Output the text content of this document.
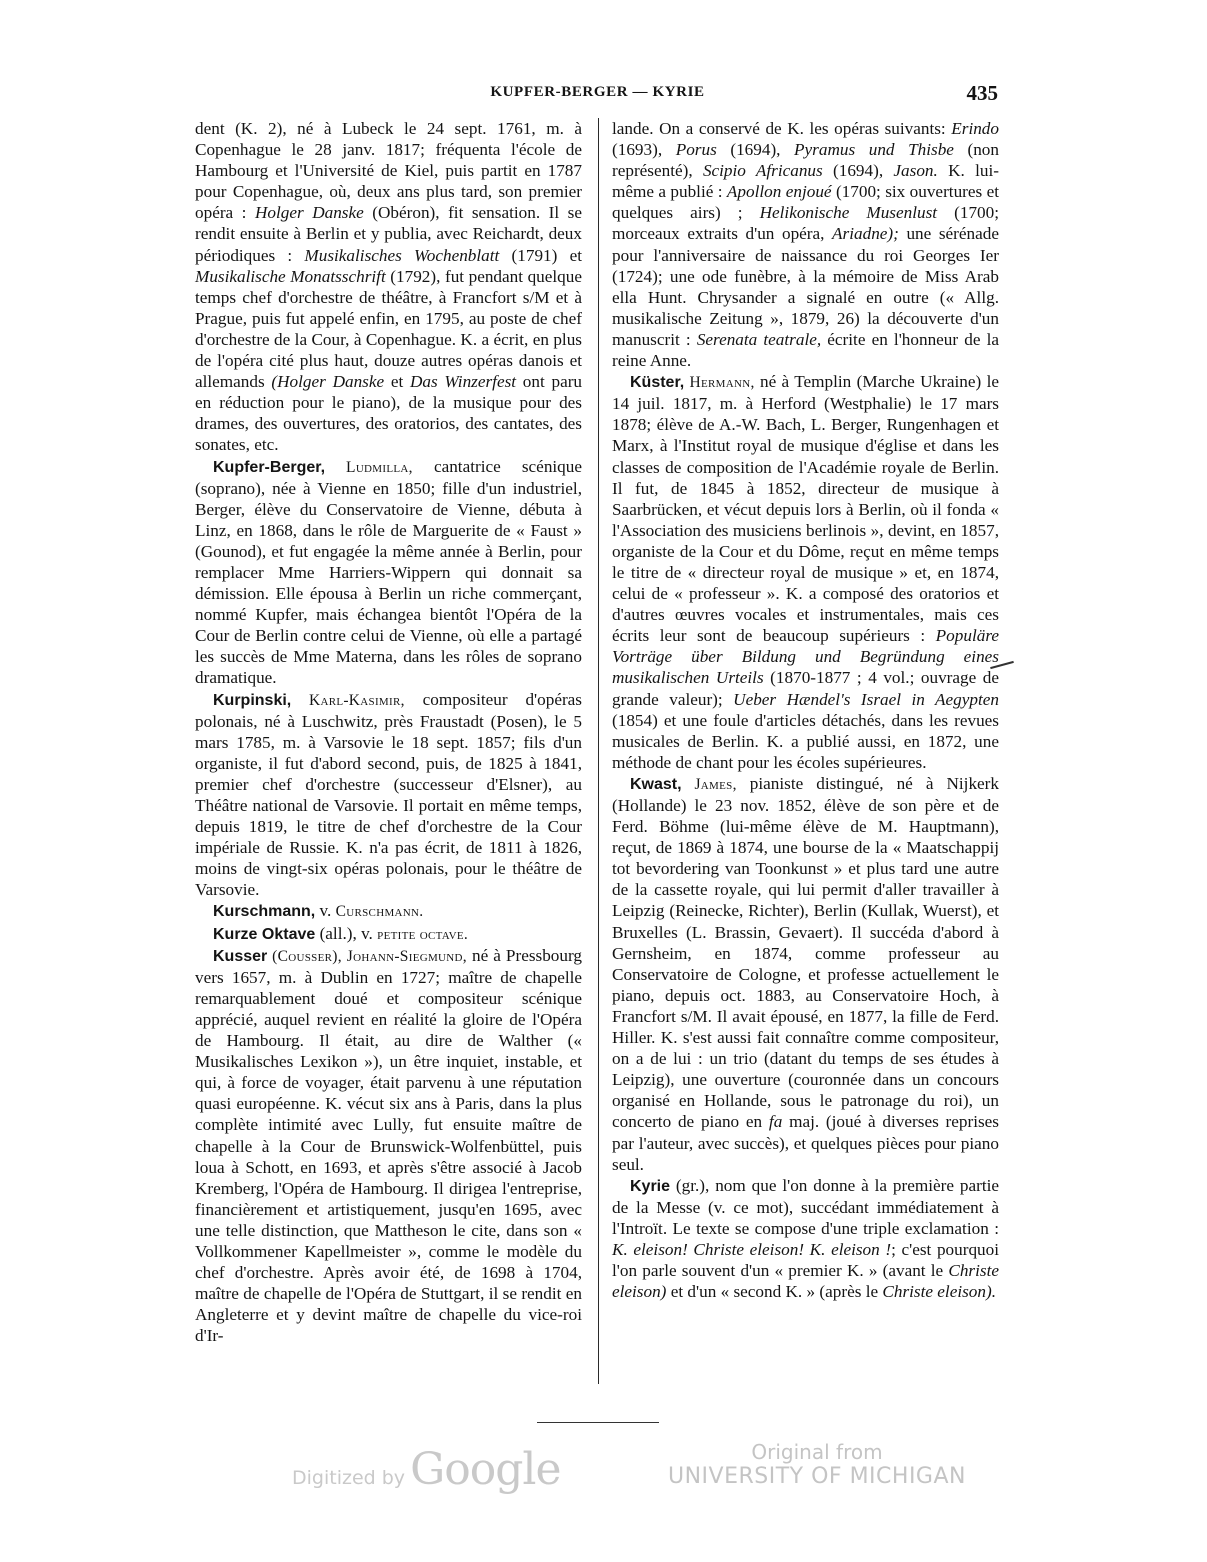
KUPFER-BERGER — KYRIE	435

dent (K. 2), né à Lubeck le 24 sept. 1761, m. à Copenhague le 28 janv. 1817; fréquenta l'école de Hambourg et l'Université de Kiel, puis partit en 1787 pour Copenhague, où, deux ans plus tard, son premier opéra : Holger Danske (Obéron), fit sensation. Il se rendit ensuite à Berlin et y publia, avec Reichardt, deux périodiques : Musikalisches Wochenblatt (1791) et Musikalische Monatsschrift (1792), fut pendant quelque temps chef d'orchestre de théâtre, à Francfort s/M et à Prague, puis fut appelé enfin, en 1795, au poste de chef d'orchestre de la Cour, à Copenhague. K. a écrit, en plus de l'opéra cité plus haut, douze autres opéras danois et allemands (Holger Danske et Das Winzerfest ont paru en réduction pour le piano), de la musique pour des drames, des ouvertures, des oratorios, des cantates, des sonates, etc.

Kupfer-Berger, Ludmilla, cantatrice scénique (soprano), née à Vienne en 1850; fille d'un industriel, Berger, élève du Conservatoire de Vienne, débuta à Linz, en 1868, dans le rôle de Marguerite de « Faust » (Gounod), et fut engagée la même année à Berlin, pour remplacer Mme Harriers-Wippern qui donnait sa démission. Elle épousa à Berlin un riche commerçant, nommé Kupfer, mais échangea bientôt l'Opéra de la Cour de Berlin contre celui de Vienne, où elle a partagé les succès de Mme Materna, dans les rôles de soprano dramatique.

Kurpinski, Karl-Kasimir, compositeur d'opéras polonais, né à Luschwitz, près Fraustadt (Posen), le 5 mars 1785, m. à Varsovie le 18 sept. 1857; fils d'un organiste, il fut d'abord second, puis, de 1825 à 1841, premier chef d'orchestre (successeur d'Elsner), au Théâtre national de Varsovie. Il portait en même temps, depuis 1819, le titre de chef d'orchestre de la Cour impériale de Russie. K. n'a pas écrit, de 1811 à 1826, moins de vingt-six opéras polonais, pour le théâtre de Varsovie.

Kurschmann, v. Curschmann.

Kurze Oktave (all.), v. petite octave.

Kusser (Cousser), Johann-Siegmund, né à Pressbourg vers 1657, m. à Dublin en 1727; maître de chapelle remarquablement doué et compositeur scénique apprécié, auquel revient en réalité la gloire de l'Opéra de Hambourg. Il était, au dire de Walther (« Musikalisches Lexikon »), un être inquiet, instable, et qui, à force de voyager, était parvenu à une réputation quasi européenne. K. vécut six ans à Paris, dans la plus complète intimité avec Lully, fut ensuite maître de chapelle à la Cour de Brunswick-Wolfenbüttel, puis loua à Schott, en 1693, et après s'être associé à Jacob Kremberg, l'Opéra de Hambourg. Il dirigea l'entreprise, financièrement et artistiquement, jusqu'en 1695, avec une telle distinction, que Mattheson le cite, dans son « Vollkommener Kapellmeister », comme le modèle du chef d'orchestre. Après avoir été, de 1698 à 1704, maître de chapelle de l'Opéra de Stuttgart, il se rendit en Angleterre et y devint maître de chapelle du vice-roi d'Ir-

lande. On a conservé de K. les opéras suivants: Erindo (1693), Porus (1694), Pyramus und Thisbe (non représenté), Scipio Africanus (1694), Jason. K. lui-même a publié : Apollon enjoué (1700; six ouvertures et quelques airs) ; Helikonische Musenlust (1700; morceaux extraits d'un opéra, Ariadne); une sérénade pour l'anniversaire de naissance du roi Georges Ier (1724); une ode funèbre, à la mémoire de Miss Arab ella Hunt. Chrysander a signalé en outre (« Allg. musikalische Zeitung », 1879, 26) la découverte d'un manuscrit : Serenata teatrale, écrite en l'honneur de la reine Anne.

Küster, Hermann, né à Templin (Marche Ukraine) le 14 juil. 1817, m. à Herford (Westphalie) le 17 mars 1878; élève de A.-W. Bach, L. Berger, Rungenhagen et Marx, à l'Institut royal de musique d'église et dans les classes de composition de l'Académie royale de Berlin. Il fut, de 1845 à 1852, directeur de musique à Saarbrücken, et vécut depuis lors à Berlin, où il fonda « l'Association des musiciens berlinois », devint, en 1857, organiste de la Cour et du Dôme, reçut en même temps le titre de « directeur royal de musique » et, en 1874, celui de « professeur ». K. a composé des oratorios et d'autres œuvres vocales et instrumentales, mais ces écrits leur sont de beaucoup supérieurs : Populäre Vorträge über Bildung und Begründung eines musikalischen Urteils (1870-1877 ; 4 vol.; ouvrage de grande valeur); Ueber Hændel's Israel in Aegypten (1854) et une foule d'articles détachés, dans les revues musicales de Berlin. K. a publié aussi, en 1872, une méthode de chant pour les écoles supérieures.

Kwast, James, pianiste distingué, né à Nijkerk (Hollande) le 23 nov. 1852, élève de son père et de Ferd. Böhme (lui-même élève de M. Hauptmann), reçut, de 1869 à 1874, une bourse de la « Maatschappij tot bevordering van Toonkunst » et plus tard une autre de la cassette royale, qui lui permit d'aller travailler à Leipzig (Reinecke, Richter), Berlin (Kullak, Wuerst), et Bruxelles (L. Brassin, Gevaert). Il succéda d'abord à Gernsheim, en 1874, comme professeur au Conservatoire de Cologne, et professe actuellement le piano, depuis oct. 1883, au Conservatoire Hoch, à Francfort s/M. Il avait épousé, en 1877, la fille de Ferd. Hiller. K. s'est aussi fait connaître comme compositeur, on a de lui : un trio (datant du temps de ses études à Leipzig), une ouverture (couronnée dans un concours organisé en Hollande, sous le patronage du roi), un concerto de piano en fa maj. (joué à diverses reprises par l'auteur, avec succès), et quelques pièces pour piano seul.

Kyrie (gr.), nom que l'on donne à la première partie de la Messe (v. ce mot), succédant immédiatement à l'Introït. Le texte se compose d'une triple exclamation : K. eleison! Christe eleison! K. eleison !; c'est pourquoi l'on parle souvent d'un « premier K. » (avant le Christe eleison) et d'un « second K. » (après le Christe eleison).

Digitized by Google	Original from
UNIVERSITY OF MICHIGAN
